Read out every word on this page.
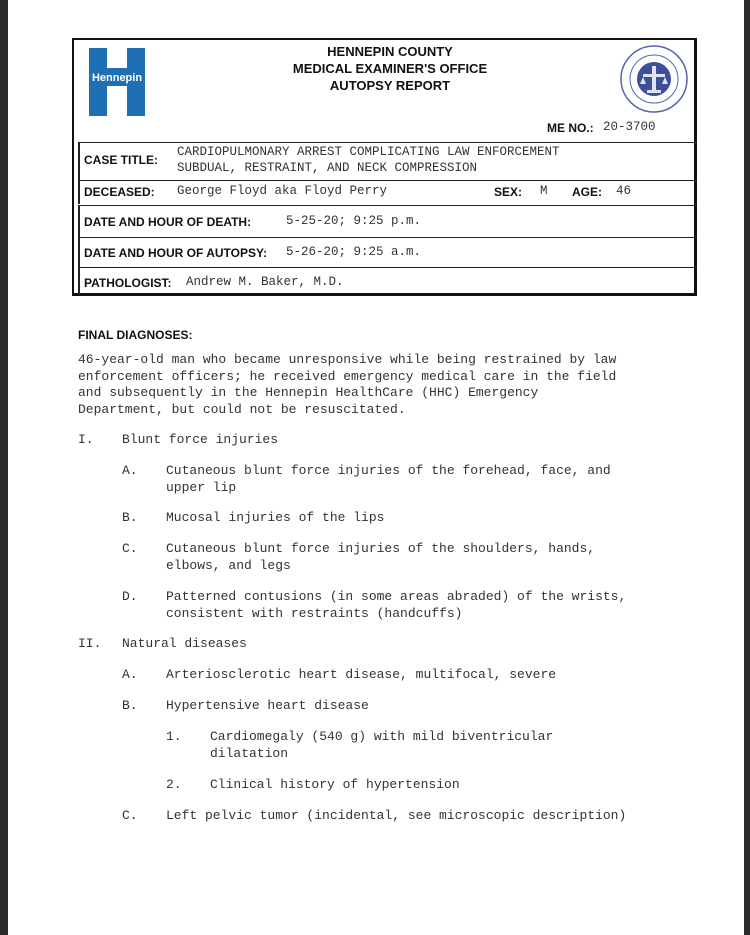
Hennepin
HENNEPIN COUNTY
MEDICAL EXAMINER'S OFFICE
AUTOPSY REPORT
ME NO.: 20-3700
CASE TITLE:
CARDIOPULMONARY ARREST COMPLICATING LAW ENFORCEMENT
SUBDUAL, RESTRAINT, AND NECK COMPRESSION
DECEASED: George Floyd aka Floyd Perry	SEX: M AGE: 46
DATE AND HOUR OF DEATH:	5-25-20; 9:25 p.m.
DATE AND HOUR OF AUTOPSY: 5-26-20; 9:25 a.m.
PATHOLOGIST: Andrew M. Baker, M.D.
FINAL DIAGNOSES:
46-year-old man who became unresponsive while being restrained by law
enforcement officers; he received emergency medical care in the field
and subsequently in the Hennepin HealthCare (HHC) Emergency
Department, but could not be resuscitated.
I. Blunt force injuries
A. Cutaneous blunt force injuries of the forehead, face, and
upper lip
B. Mucosal injuries of the lips
C. Cutaneous blunt force injuries of the shoulders, hands,
elbows, and legs
D. Patterned contusions (in some areas abraded) of the wrists,
consistent with restraints (handcuffs)
II. Natural diseases
A. Arteriosclerotic heart disease, multifocal, severe
B. Hypertensive heart disease
1. Cardiomegaly (540 g) with mild biventricular
dilatation
2. Clinical history of hypertension
C. Left pelvic tumor (incidental, see microscopic description)
